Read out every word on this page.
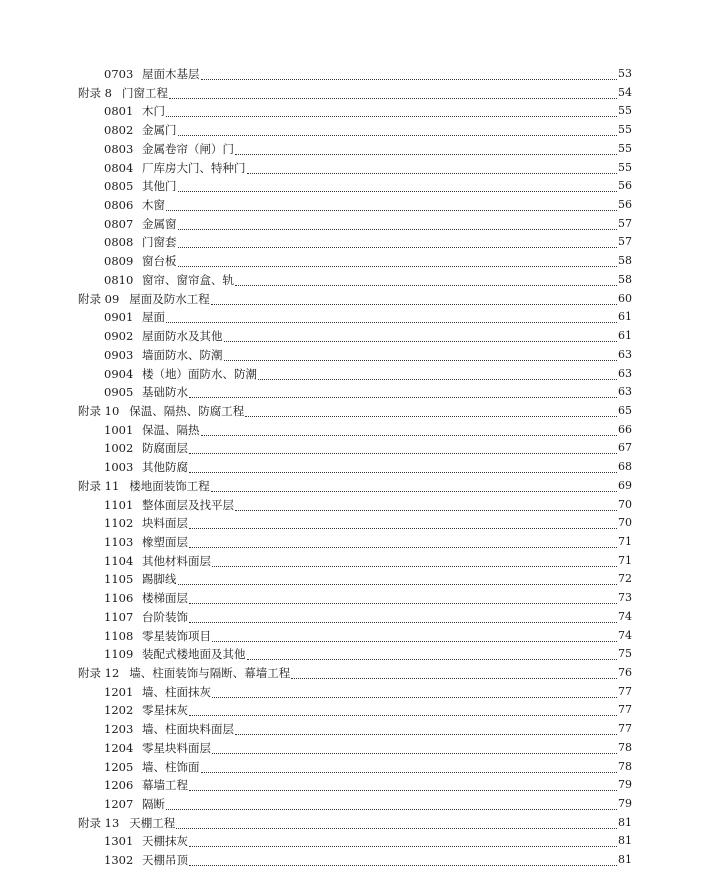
0703 屋面木基层	53
附录 8 门窗工程	54
0801 木门	55
0802 金属门	55
0803 金属卷帘（闸）门	55
0804 厂库房大门、特种门	55
0805 其他门	56
0806 木窗	56
0807 金属窗	57
0808 门窗套	57
0809 窗台板	58
0810 窗帘、窗帘盒、轨	58
附录 09 屋面及防水工程	60
0901 屋面	61
0902 屋面防水及其他	61
0903 墙面防水、防潮	63
0904 楼（地）面防水、防潮	63
0905 基础防水	63
附录 10 保温、隔热、防腐工程	65
1001 保温、隔热	66
1002 防腐面层	67
1003 其他防腐	68
附录 11 楼地面装饰工程	69
1101 整体面层及找平层	70
1102 块料面层	70
1103 橡塑面层	71
1104 其他材料面层	71
1105 踢脚线	72
1106 楼梯面层	73
1107 台阶装饰	74
1108 零星装饰项目	74
1109 装配式楼地面及其他	75
附录 12 墙、柱面装饰与隔断、幕墙工程	76
1201 墙、柱面抹灰	77
1202 零星抹灰	77
1203 墙、柱面块料面层	77
1204 零星块料面层	78
1205 墙、柱饰面	78
1206 幕墙工程	79
1207 隔断	79
附录 13 天棚工程	81
1301 天棚抹灰	81
1302 天棚吊顶	81
